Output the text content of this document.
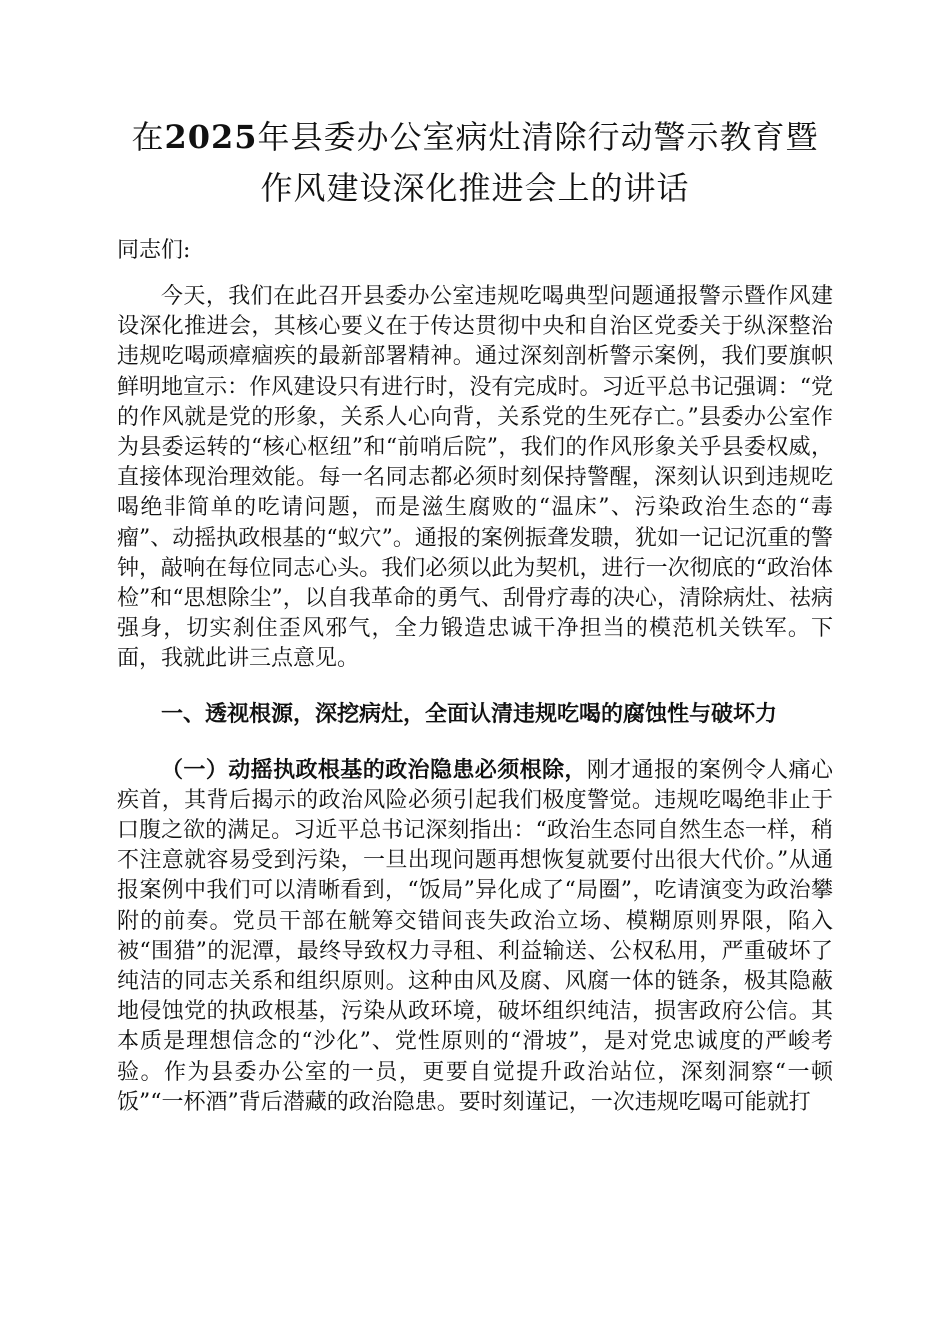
在2025年县委办公室病灶清除行动警示教育暨
作风建设深化推进会上的讲话

同志们:

今天，我们在此召开县委办公室违规吃喝典型问题通报警示暨作风建设深化推进会，其核心要义在于传达贯彻中央和自治区党委关于纵深整治违规吃喝顽瘴痼疾的最新部署精神。通过深刻剖析警示案例，我们要旗帜鲜明地宣示：作风建设只有进行时，没有完成时。习近平总书记强调：“党的作风就是党的形象，关系人心向背，关系党的生死存亡。”县委办公室作为县委运转的“核心枢纽”和“前哨后院”，我们的作风形象关乎县委权威，直接体现治理效能。每一名同志都必须时刻保持警醒，深刻认识到违规吃喝绝非简单的吃请问题，而是滋生腐败的“温床”、污染政治生态的“毒瘤”、动摇执政根基的“蚁穴”。通报的案例振聋发聩，犹如一记记沉重的警钟，敲响在每位同志心头。我们必须以此为契机，进行一次彻底的“政治体检”和“思想除尘”，以自我革命的勇气、刮骨疗毒的决心，清除病灶、祛病强身，切实刹住歪风邪气，全力锻造忠诚干净担当的模范机关铁军。下面，我就此讲三点意见。

一、透视根源，深挖病灶，全面认清违规吃喝的腐蚀性与破坏力

（一）动摇执政根基的政治隐患必须根除，刚才通报的案例令人痛心疾首，其背后揭示的政治风险必须引起我们极度警觉。违规吃喝绝非止于口腹之欲的满足。习近平总书记深刻指出：“政治生态同自然生态一样，稍不注意就容易受到污染，一旦出现问题再想恢复就要付出很大代价。”从通报案例中我们可以清晰看到，“饭局”异化成了“局圈”，吃请演变为政治攀附的前奏。党员干部在觥筹交错间丧失政治立场、模糊原则界限，陷入被“围猎”的泥潭，最终导致权力寻租、利益输送、公权私用，严重破坏了纯洁的同志关系和组织原则。这种由风及腐、风腐一体的链条，极其隐蔽地侵蚀党的执政根基，污染从政环境，破坏组织纯洁，损害政府公信。其本质是理想信念的“沙化”、党性原则的“滑坡”，是对党忠诚度的严峻考验。作为县委办公室的一员，更要自觉提升政治站位，深刻洞察“一顿饭”“一杯酒”背后潜藏的政治隐患。要时刻谨记，一次违规吃喝可能就打
